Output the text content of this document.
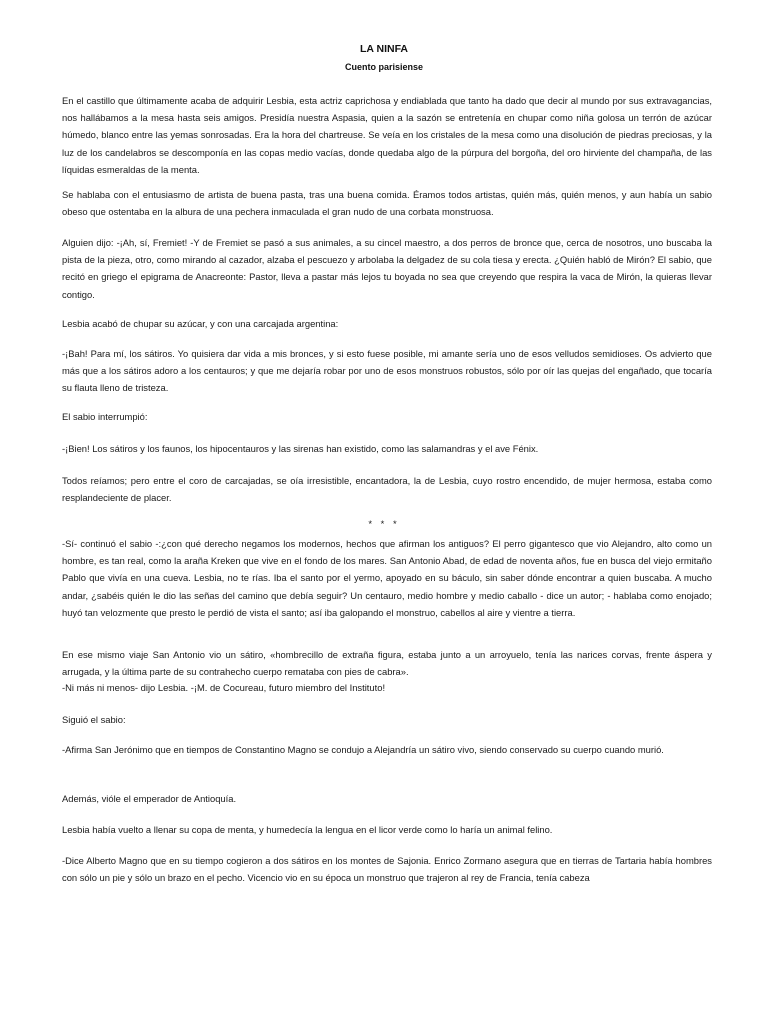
LA NINFA
Cuento parisiense

En el castillo que últimamente acaba de adquirir Lesbia, esta actriz caprichosa y endiablada que tanto ha dado que decir al mundo por sus extravagancias, nos hallábamos a la mesa hasta seis amigos. Presidía nuestra Aspasia, quien a la sazón se entretenía en chupar como niña golosa un terrón de azúcar húmedo, blanco entre las yemas sonrosadas. Era la hora del chartreuse. Se veía en los cristales de la mesa como una disolución de piedras preciosas, y la luz de los candelabros se descomponía en las copas medio vacías, donde quedaba algo de la púrpura del borgoña, del oro hirviente del champaña, de las líquidas esmeraldas de la menta.

Se hablaba con el entusiasmo de artista de buena pasta, tras una buena comida. Éramos todos artistas, quién más, quién menos, y aun había un sabio obeso que ostentaba en la albura de una pechera inmaculada el gran nudo de una corbata monstruosa.

Alguien dijo: -¡Ah, sí, Fremiet! -Y de Fremiet se pasó a sus animales, a su cincel maestro, a dos perros de bronce que, cerca de nosotros, uno buscaba la pista de la pieza, otro, como mirando al cazador, alzaba el pescuezo y arbolaba la delgadez de su cola tiesa y erecta. ¿Quién habló de Mirón? El sabio, que recitó en griego el epigrama de Anacreonte: Pastor, lleva a pastar más lejos tu boyada no sea que creyendo que respira la vaca de Mirón, la quieras llevar contigo.

Lesbia acabó de chupar su azúcar, y con una carcajada argentina:

-¡Bah! Para mí, los sátiros. Yo quisiera dar vida a mis bronces, y si esto fuese posible, mi amante sería uno de esos velludos semidioses. Os advierto que más que a los sátiros adoro a los centauros; y que me dejaría robar por uno de esos monstruos robustos, sólo por oír las quejas del engañado, que tocaría su flauta lleno de tristeza.

El sabio interrumpió:

-¡Bien! Los sátiros y los faunos, los hipocentauros y las sirenas han existido, como las salamandras y el ave Fénix.

Todos reíamos; pero entre el coro de carcajadas, se oía irresistible, encantadora, la de Lesbia, cuyo rostro encendido, de mujer hermosa, estaba como resplandeciente de placer.

* * *

-Sí- continuó el sabio -:¿con qué derecho negamos los modernos, hechos que afirman los antiguos? El perro gigantesco que vio Alejandro, alto como un hombre, es tan real, como la araña Kreken que vive en el fondo de los mares. San Antonio Abad, de edad de noventa años, fue en busca del viejo ermitaño Pablo que vivía en una cueva. Lesbia, no te rías. Iba el santo por el yermo, apoyado en su báculo, sin saber dónde encontrar a quien buscaba. A mucho andar, ¿sabéis quién le dio las señas del camino que debía seguir? Un centauro, medio hombre y medio caballo - dice un autor; - hablaba como enojado; huyó tan velozmente que presto le perdió de vista el santo; así iba galopando el monstruo, cabellos al aire y vientre a tierra.

En ese mismo viaje San Antonio vio un sátiro, «hombrecillo de extraña figura, estaba junto a un arroyuelo, tenía las narices corvas, frente áspera y arrugada, y la última parte de su contrahecho cuerpo remataba con pies de cabra».

-Ni más ni menos- dijo Lesbia. -¡M. de Cocureau, futuro miembro del Instituto!

Siguió el sabio:

-Afirma San Jerónimo que en tiempos de Constantino Magno se condujo a Alejandría un sátiro vivo, siendo conservado su cuerpo cuando murió.

Además, vióle el emperador de Antioquía.

Lesbia había vuelto a llenar su copa de menta, y humedecía la lengua en el licor verde como lo haría un animal felino.

-Dice Alberto Magno que en su tiempo cogieron a dos sátiros en los montes de Sajonia. Enrico Zormano asegura que en tierras de Tartaria había hombres con sólo un pie y sólo un brazo en el pecho. Vicencio vio en su época un monstruo que trajeron al rey de Francia, tenía cabeza
